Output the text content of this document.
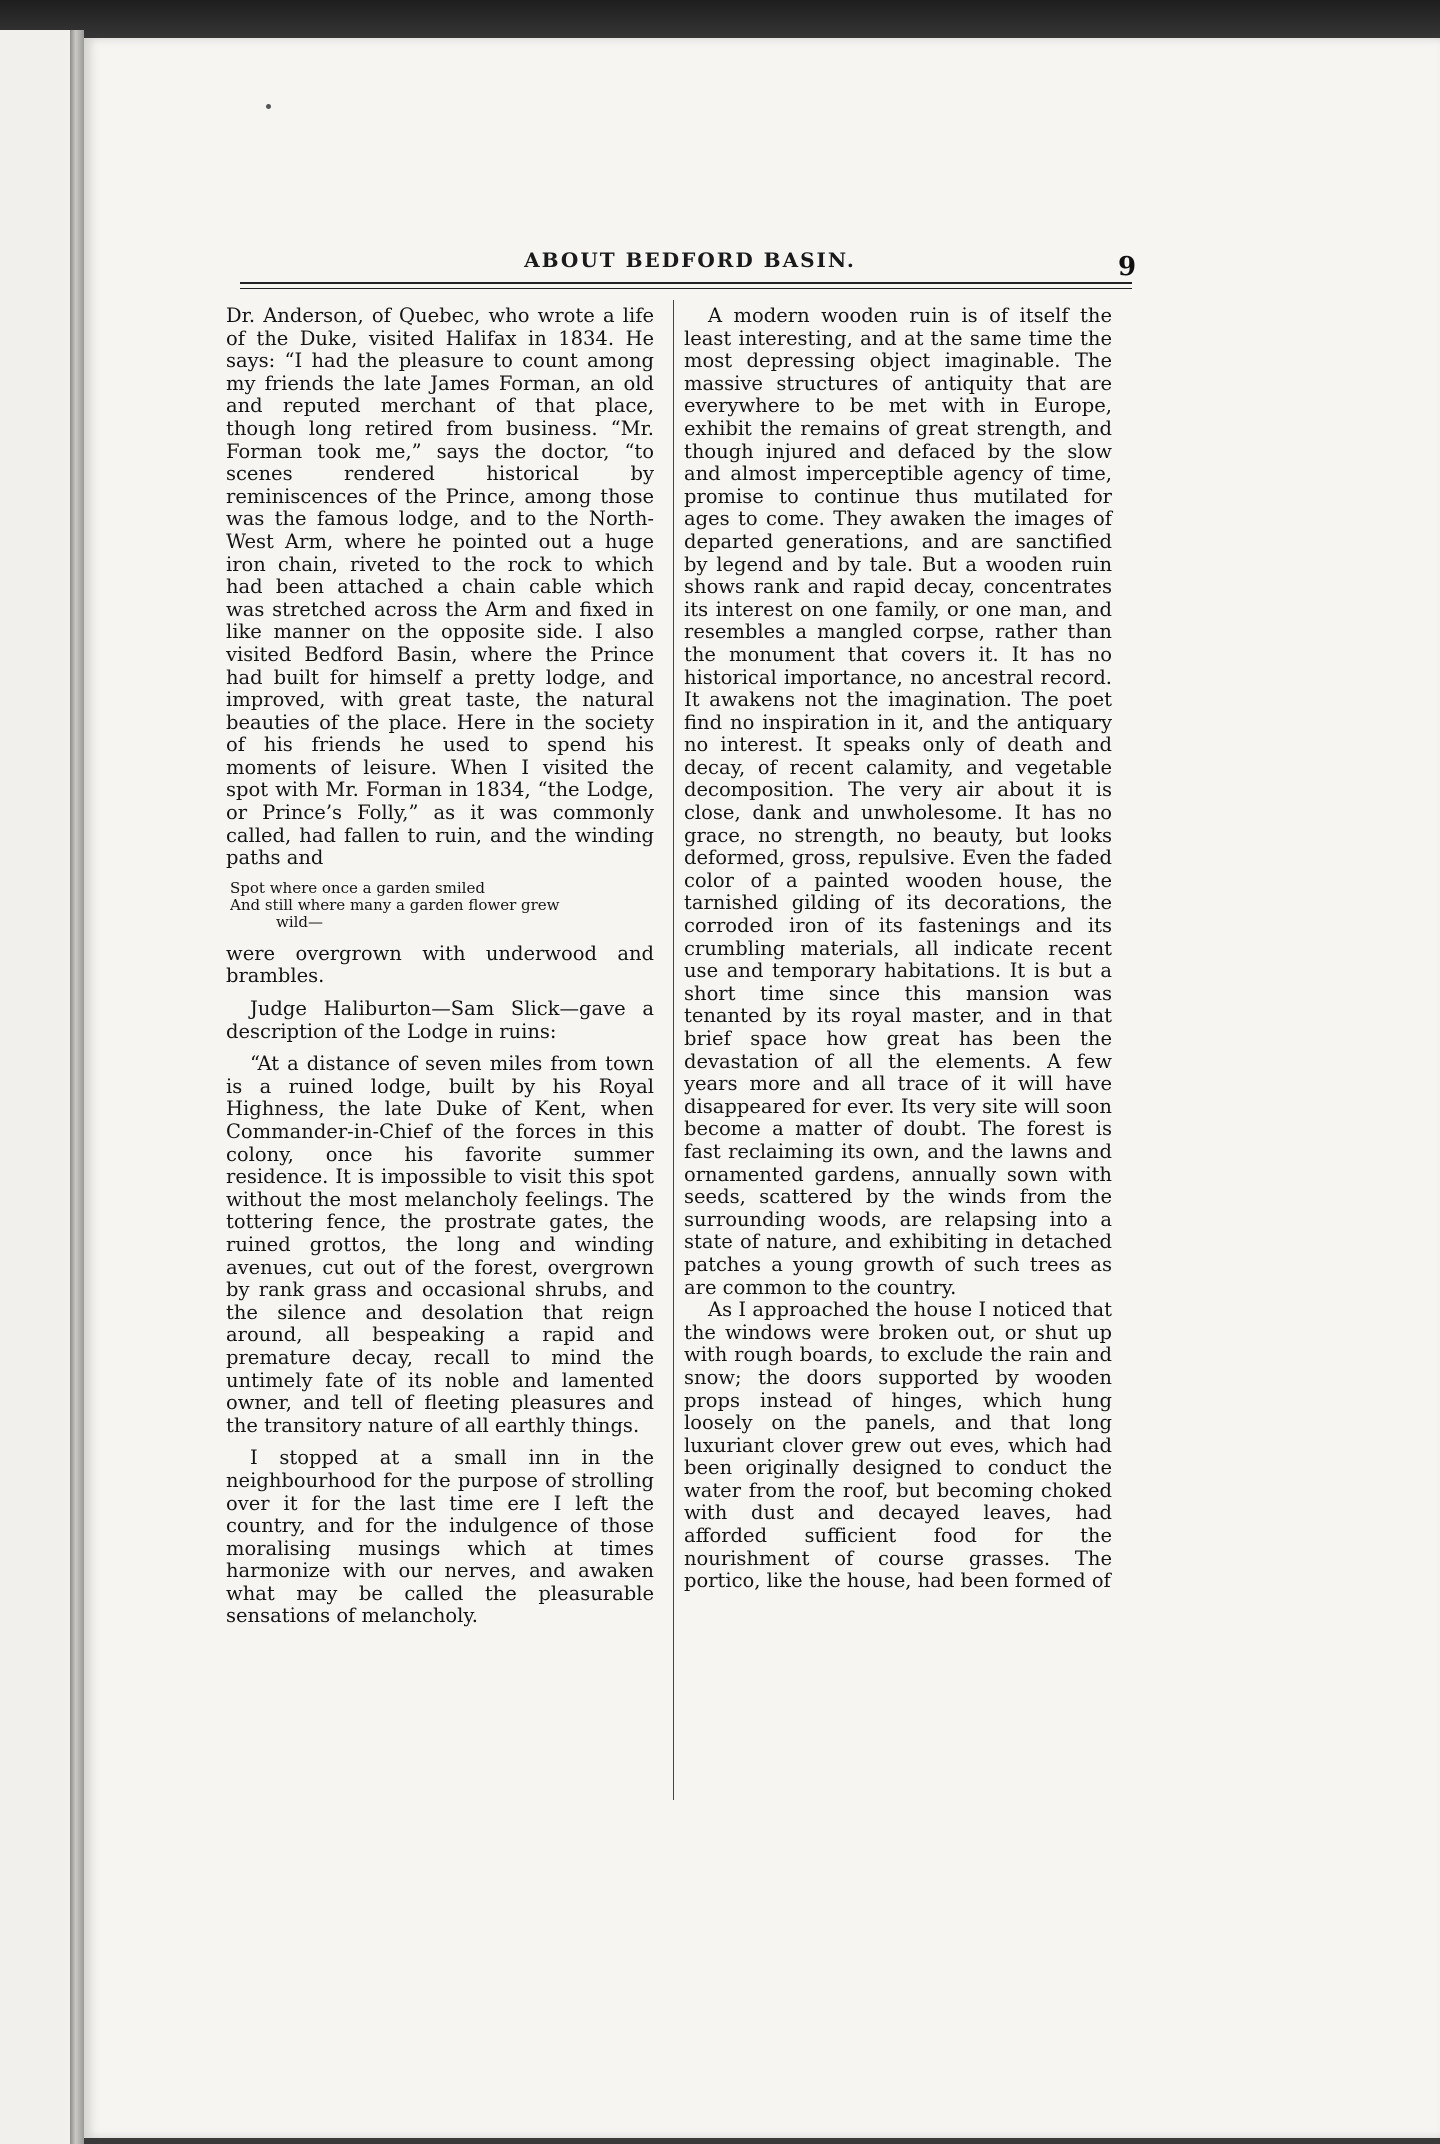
ABOUT BEDFORD BASIN.	9

Dr. Anderson, of Quebec, who wrote a life of the Duke, visited Halifax in 1834. He says: “I had the pleasure to count among my friends the late James Forman, an old and reputed merchant of that place, though long retired from business. “Mr. Forman took me,” says the doctor, “to scenes rendered historical by reminiscences of the Prince, among those was the famous lodge, and to the North-West Arm, where he pointed out a huge iron chain, riveted to the rock to which had been attached a chain cable which was stretched across the Arm and fixed in like manner on the opposite side. I also visited Bedford Basin, where the Prince had built for himself a pretty lodge, and improved, with great taste, the natural beauties of the place. Here in the society of his friends he used to spend his moments of leisure. When I visited the spot with Mr. Forman in 1834, “the Lodge, or Prince’s Folly,” as it was commonly called, had fallen to ruin, and the winding paths and

Spot where once a garden smiled
And still where many a garden flower grew
wild—

were overgrown with underwood and brambles.

Judge Haliburton—Sam Slick—gave a description of the Lodge in ruins:

“At a distance of seven miles from town is a ruined lodge, built by his Royal Highness, the late Duke of Kent, when Commander-in-Chief of the forces in this colony, once his favorite summer residence. It is impossible to visit this spot without the most melancholy feelings. The tottering fence, the prostrate gates, the ruined grottos, the long and winding avenues, cut out of the forest, overgrown by rank grass and occasional shrubs, and the silence and desolation that reign around, all bespeaking a rapid and premature decay, recall to mind the untimely fate of its noble and lamented owner, and tell of fleeting pleasures and the transitory nature of all earthly things.

I stopped at a small inn in the neighbourhood for the purpose of strolling over it for the last time ere I left the country, and for the indulgence of those moralising musings which at times harmonize with our nerves, and awaken what may be called the pleasurable sensations of melancholy.

A modern wooden ruin is of itself the least interesting, and at the same time the most depressing object imaginable. The massive structures of antiquity that are everywhere to be met with in Europe, exhibit the remains of great strength, and though injured and defaced by the slow and almost imperceptible agency of time, promise to continue thus mutilated for ages to come. They awaken the images of departed generations, and are sanctified by legend and by tale. But a wooden ruin shows rank and rapid decay, concentrates its interest on one family, or one man, and resembles a mangled corpse, rather than the monument that covers it. It has no historical importance, no ancestral record. It awakens not the imagination. The poet find no inspiration in it, and the antiquary no interest. It speaks only of death and decay, of recent calamity, and vegetable decomposition. The very air about it is close, dank and unwholesome. It has no grace, no strength, no beauty, but looks deformed, gross, repulsive. Even the faded color of a painted wooden house, the tarnished gilding of its decorations, the corroded iron of its fastenings and its crumbling materials, all indicate recent use and temporary habitations. It is but a short time since this mansion was tenanted by its royal master, and in that brief space how great has been the devastation of all the elements. A few years more and all trace of it will have disappeared for ever. Its very site will soon become a matter of doubt. The forest is fast reclaiming its own, and the lawns and ornamented gardens, annually sown with seeds, scattered by the winds from the surrounding woods, are relapsing into a state of nature, and exhibiting in detached patches a young growth of such trees as are common to the country.

As I approached the house I noticed that the windows were broken out, or shut up with rough boards, to exclude the rain and snow; the doors supported by wooden props instead of hinges, which hung loosely on the panels, and that long luxuriant clover grew out eves, which had been originally designed to conduct the water from the roof, but becoming choked with dust and decayed leaves, had afforded sufficient food for the nourishment of course grasses. The portico, like the house, had been formed of
